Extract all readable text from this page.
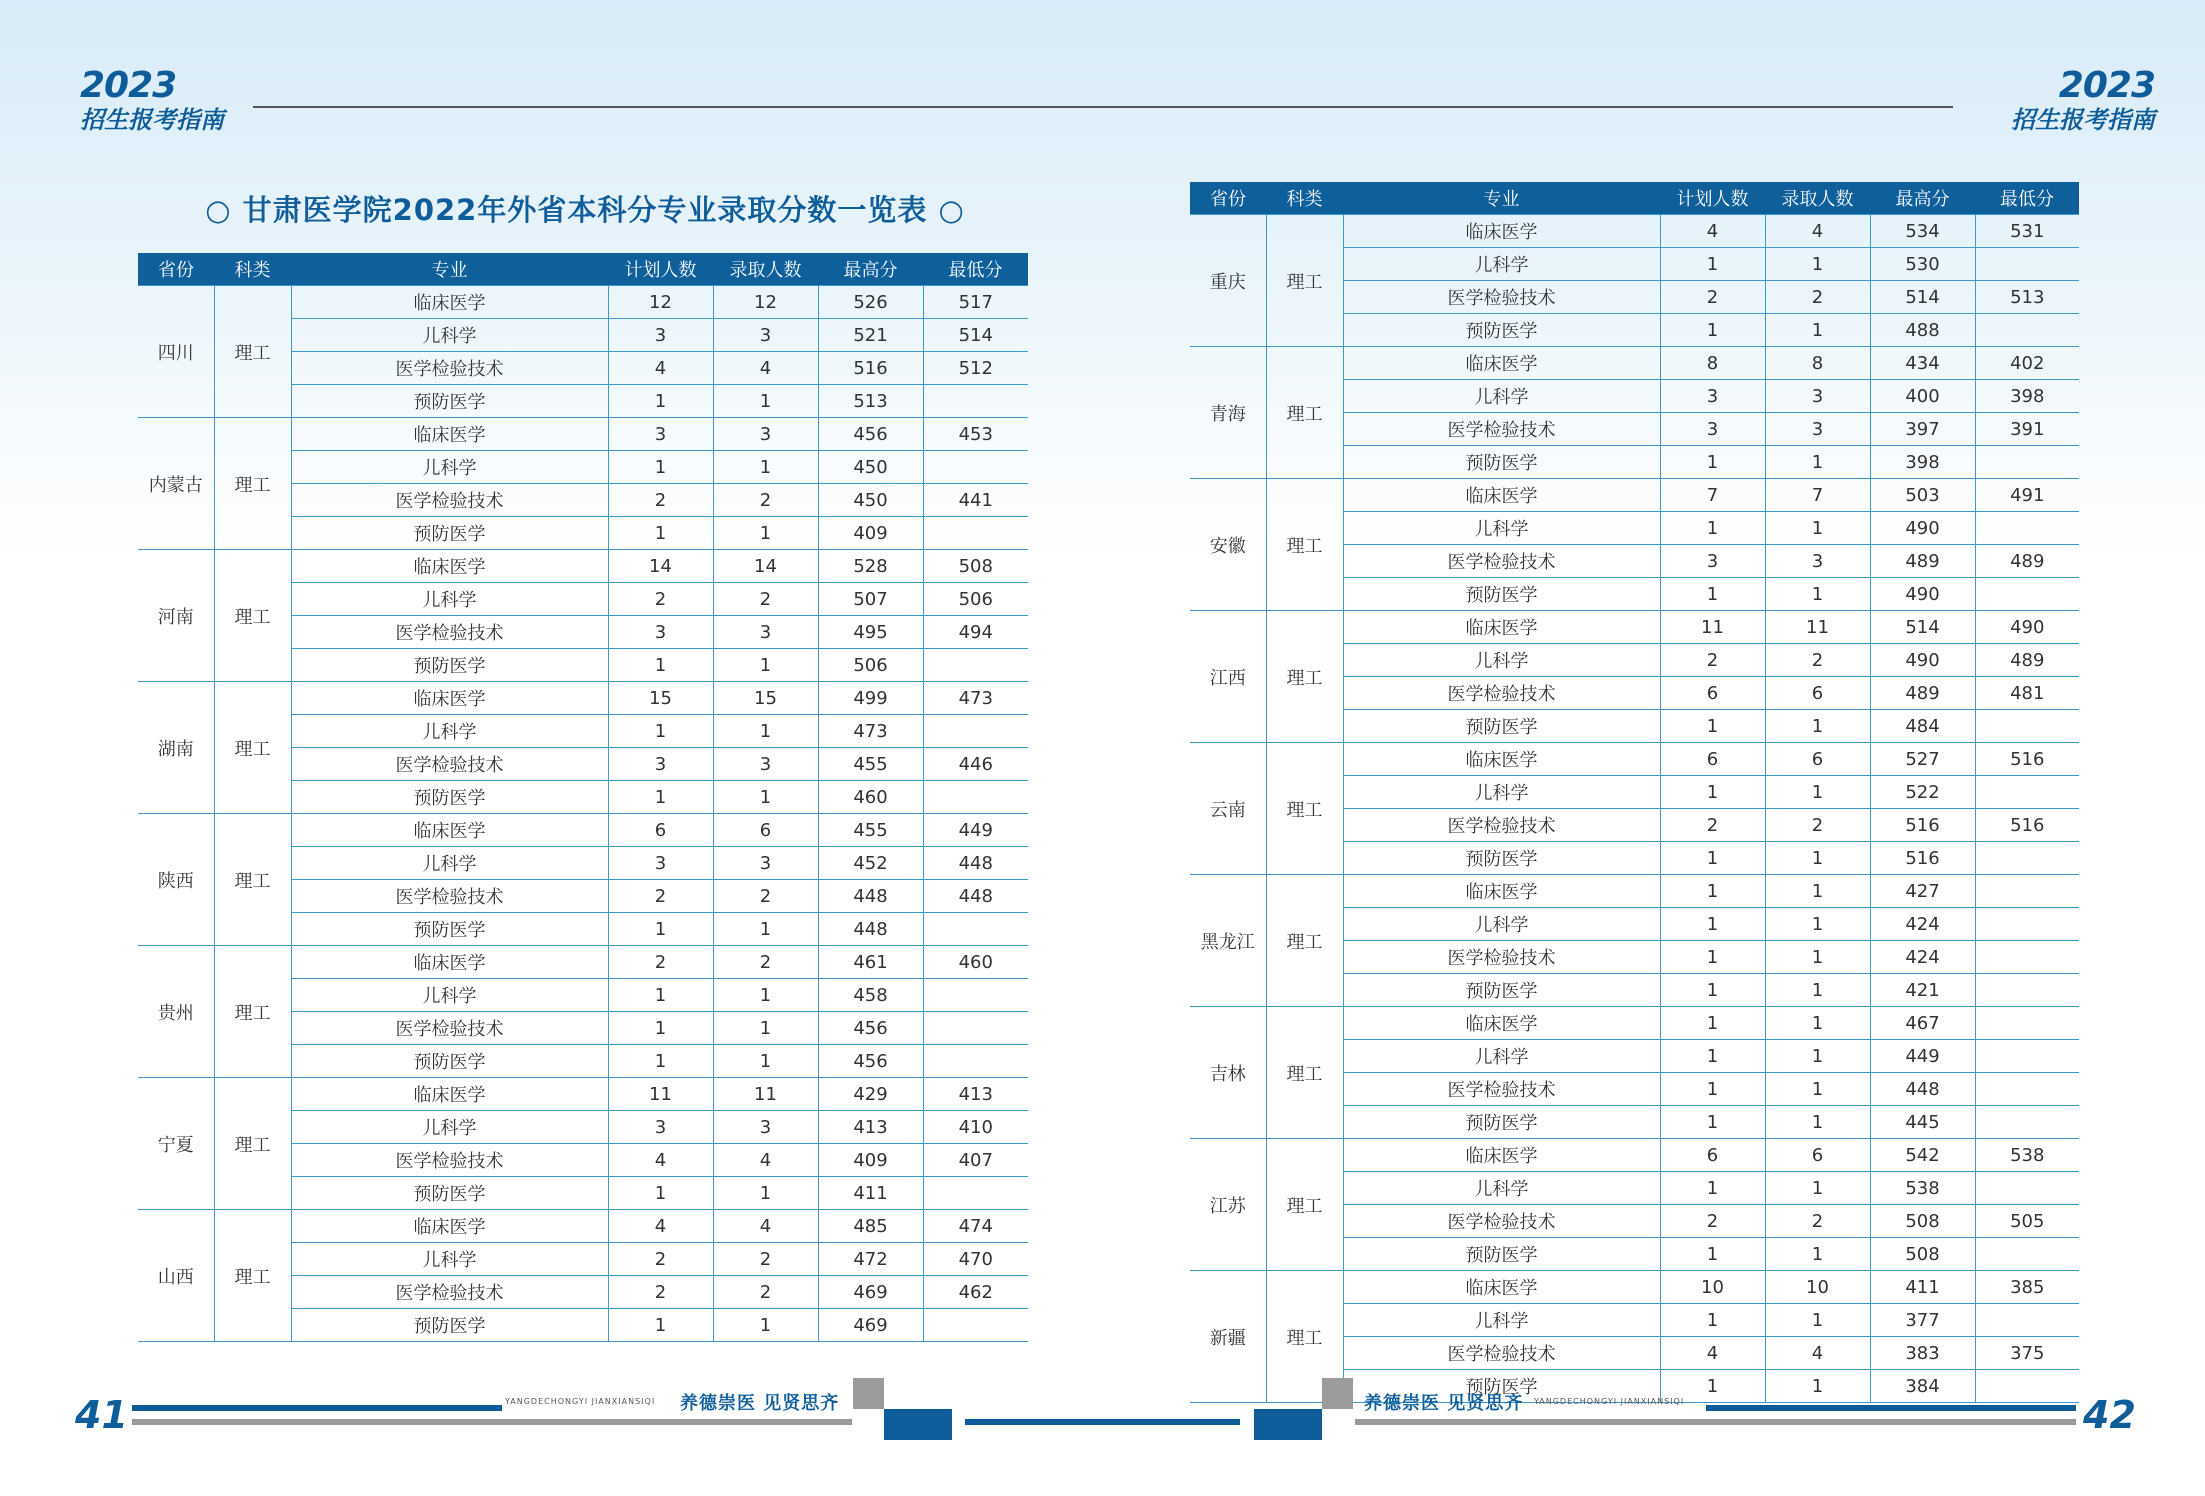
2023
招生报考指南
2023
招生报考指南
○ 甘肃医学院2022年外省本科分专业录取分数一览表 ○
省份	科类	专业	计划人数	录取人数	最高分	最低分
四川	理工	临床医学	12	12	526	517
		儿科学	3	3	521	514
		医学检验技术	4	4	516	512
		预防医学	1	1	513	
内蒙古	理工	临床医学	3	3	456	453
		儿科学	1	1	450	
		医学检验技术	2	2	450	441
		预防医学	1	1	409	
河南	理工	临床医学	14	14	528	508
		儿科学	2	2	507	506
		医学检验技术	3	3	495	494
		预防医学	1	1	506	
湖南	理工	临床医学	15	15	499	473
		儿科学	1	1	473	
		医学检验技术	3	3	455	446
		预防医学	1	1	460	
陕西	理工	临床医学	6	6	455	449
		儿科学	3	3	452	448
		医学检验技术	2	2	448	448
		预防医学	1	1	448	
贵州	理工	临床医学	2	2	461	460
		儿科学	1	1	458	
		医学检验技术	1	1	456	
		预防医学	1	1	456	
宁夏	理工	临床医学	11	11	429	413
		儿科学	3	3	413	410
		医学检验技术	4	4	409	407
		预防医学	1	1	411	
山西	理工	临床医学	4	4	485	474
		儿科学	2	2	472	470
		医学检验技术	2	2	469	462
		预防医学	1	1	469	
省份	科类	专业	计划人数	录取人数	最高分	最低分
重庆	理工	临床医学	4	4	534	531
		儿科学	1	1	530	
		医学检验技术	2	2	514	513
		预防医学	1	1	488	
青海	理工	临床医学	8	8	434	402
		儿科学	3	3	400	398
		医学检验技术	3	3	397	391
		预防医学	1	1	398	
安徽	理工	临床医学	7	7	503	491
		儿科学	1	1	490	
		医学检验技术	3	3	489	489
		预防医学	1	1	490	
江西	理工	临床医学	11	11	514	490
		儿科学	2	2	490	489
		医学检验技术	6	6	489	481
		预防医学	1	1	484	
云南	理工	临床医学	6	6	527	516
		儿科学	1	1	522	
		医学检验技术	2	2	516	516
		预防医学	1	1	516	
黑龙江	理工	临床医学	1	1	427	
		儿科学	1	1	424	
		医学检验技术	1	1	424	
		预防医学	1	1	421	
吉林	理工	临床医学	1	1	467	
		儿科学	1	1	449	
		医学检验技术	1	1	448	
		预防医学	1	1	445	
江苏	理工	临床医学	6	6	542	538
		儿科学	1	1	538	
		医学检验技术	2	2	508	505
		预防医学	1	1	508	
新疆	理工	临床医学	10	10	411	385
		儿科学	1	1	377	
		医学检验技术	4	4	383	375
		预防医学	1	1	384	
41	YANGDECHONGYI JIANXIANSIQI 养德崇医 见贤思齐	养德崇医 见贤思齐 YANGDECHONGYI JIANXIANSIQI	42
